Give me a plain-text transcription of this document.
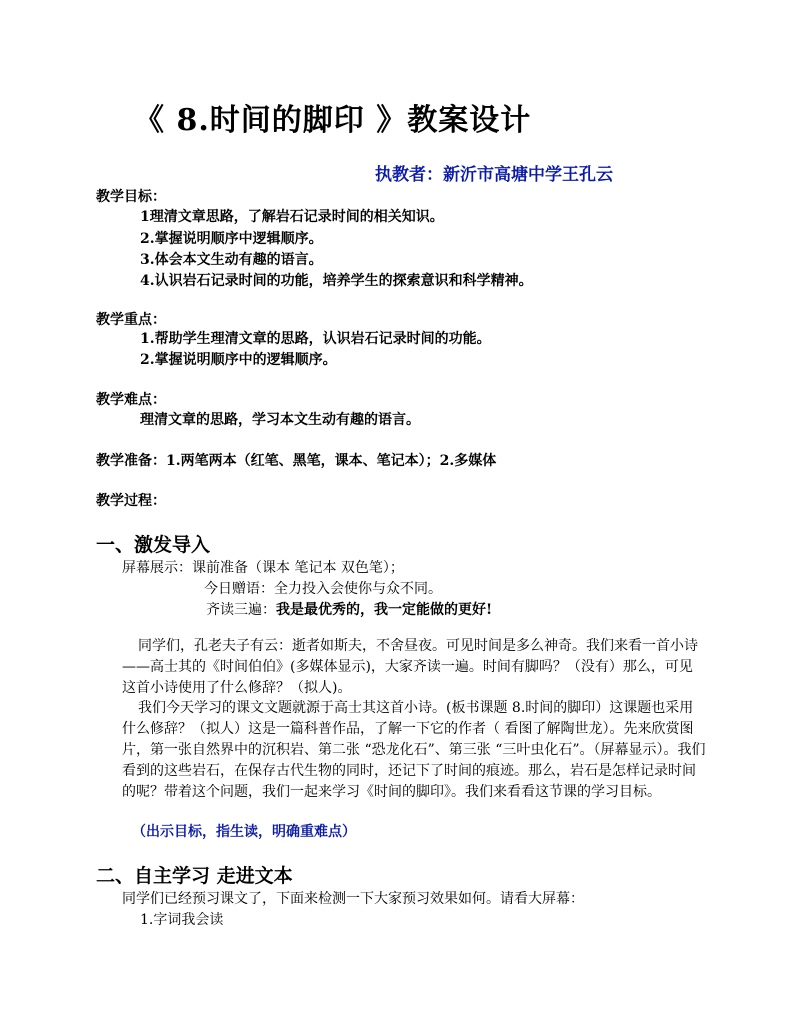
《 8.时间的脚印 》教案设计
执教者：新沂市高塘中学王孔云
教学目标：
1理清文章思路，了解岩石记录时间的相关知识。
2.掌握说明顺序中逻辑顺序。
3.体会本文生动有趣的语言。
4.认识岩石记录时间的功能，培养学生的探索意识和科学精神。
教学重点：
1.帮助学生理清文章的思路，认识岩石记录时间的功能。
2.掌握说明顺序中的逻辑顺序。
教学难点：
理清文章的思路，学习本文生动有趣的语言。
教学准备：1.两笔两本（红笔、黑笔，课本、笔记本）；2.多媒体
教学过程：
一、激发导入
屏幕展示：课前准备（课本 笔记本 双色笔）；
今日赠语：全力投入会使你与众不同。
齐读三遍：我是最优秀的，我一定能做的更好!
同学们，孔老夫子有云：逝者如斯夫，不舍昼夜。可见时间是多么神奇。我们来看一首小诗——高士其的《时间伯伯》(多媒体显示)，大家齐读一遍。时间有脚吗？（没有）那么，可见这首小诗使用了什么修辞？（拟人)。
我们今天学习的课文文题就源于高士其这首小诗。(板书课题 8.时间的脚印）这课题也采用什么修辞？（拟人）这是一篇科普作品，了解一下它的作者（ 看图了解陶世龙）。先来欣赏图片，第一张自然界中的沉积岩、第二张 “恐龙化石”、第三张 “三叶虫化石”。（屏幕显示）。我们看到的这些岩石，在保存古代生物的同时，还记下了时间的痕迹。那么，岩石是怎样记录时间的呢？带着这个问题，我们一起来学习《时间的脚印》。我们来看看这节课的学习目标。
（出示目标，指生读，明确重难点）
二、自主学习 走进文本
同学们已经预习课文了，下面来检测一下大家预习效果如何。请看大屏幕：
1.字词我会读
